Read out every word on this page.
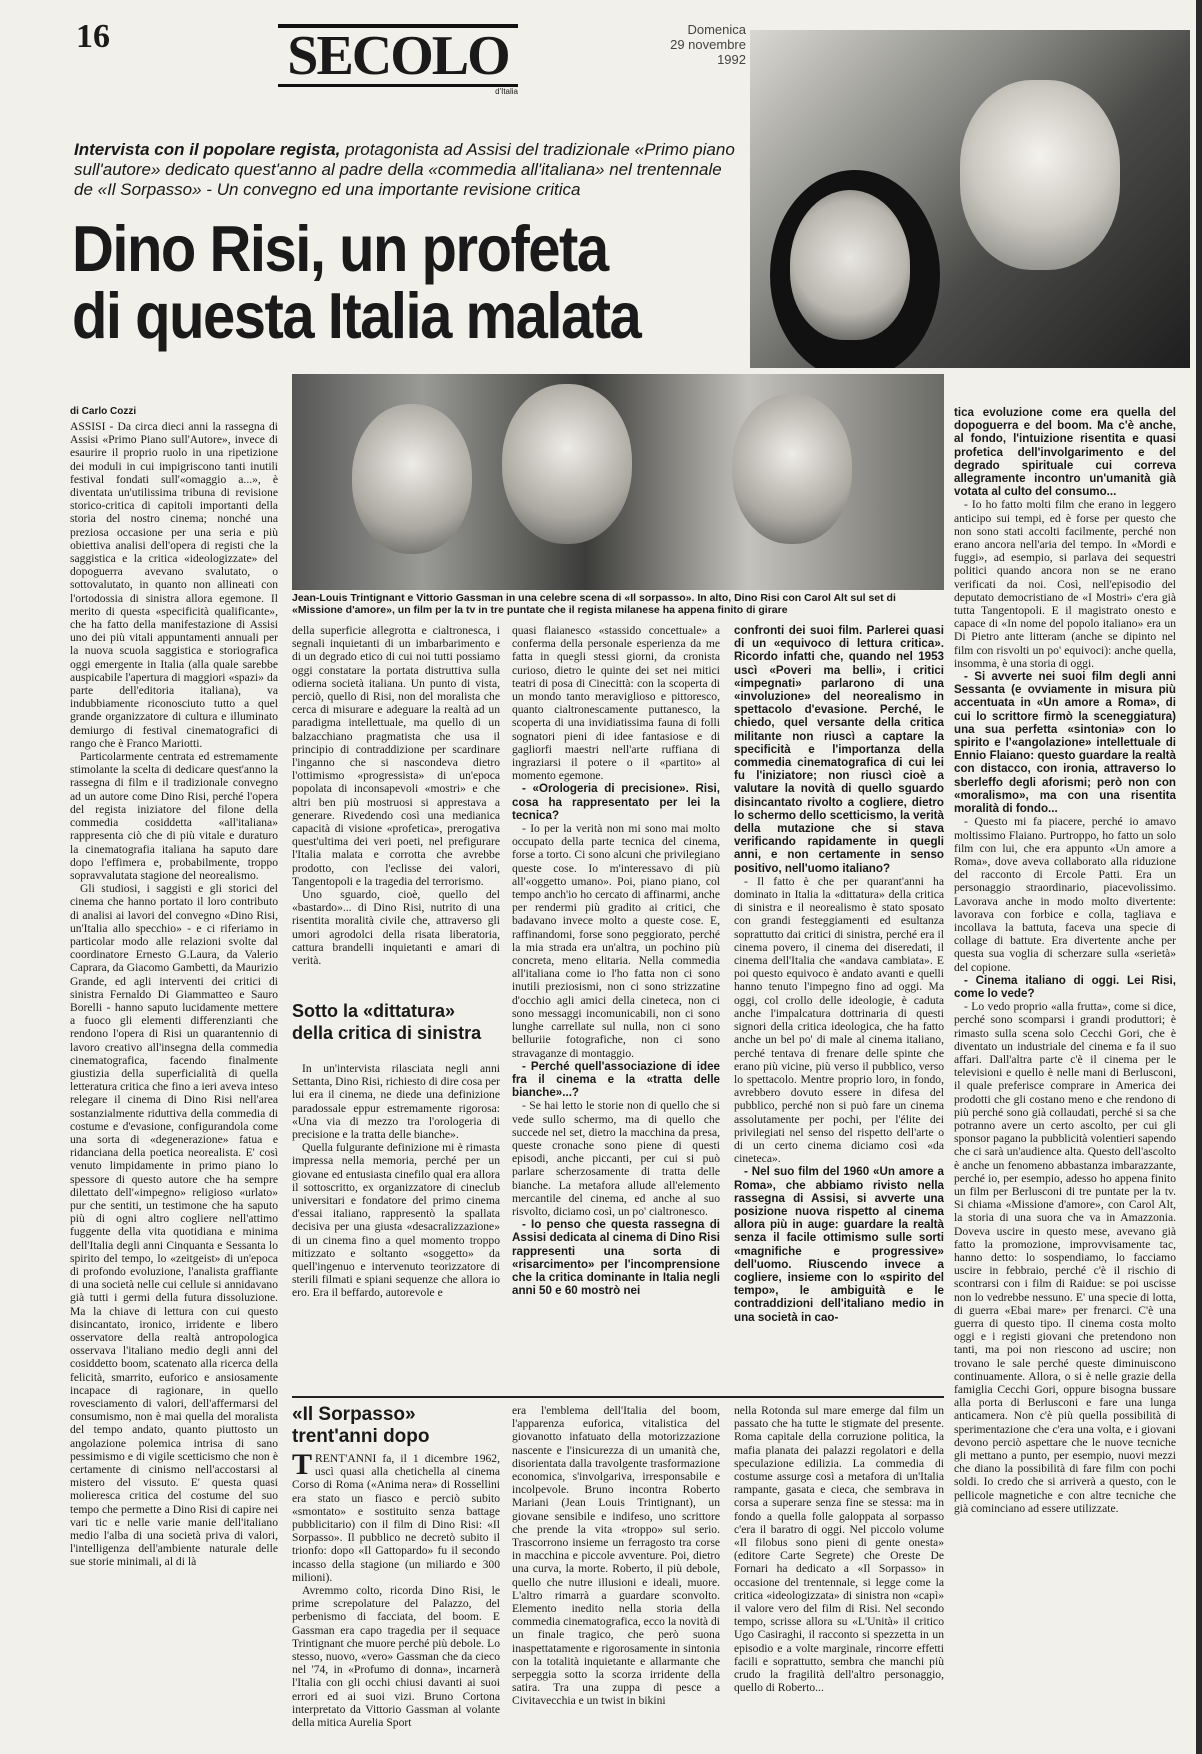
16	SECOLO
d'Italia
Domenica
29 novembre 1992
Intervista con il popolare regista, protagonista ad Assisi del tradizionale «Primo piano sull'autore» dedicato quest'anno al padre della «commedia all'italiana» nel trentennale de «Il Sorpasso» - Un convegno ed una importante revisione critica
Dino Risi, un profeta
di questa Italia malata
di Carlo Cozzi
Jean-Louis Trintignant e Vittorio Gassman in una celebre scena di «Il sorpasso». In alto, Dino Risi con Carol Alt sul set di «Missione d'amore», un film per la tv in tre puntate che il regista milanese ha appena finito di girare

ASSISI - Da circa dieci anni la rassegna di Assisi «Primo Piano sull'Autore», invece di esaurire il proprio ruolo in una ripetizione dei moduli in cui impigriscono tanti inutili festival fondati sull'«omaggio a...», è diventata un'utilissima tribuna di revisione storico-critica di capitoli importanti della storia del nostro cinema; nonché una preziosa occasione per una seria e più obiettiva analisi dell'opera di registi che la saggistica e la critica «ideologizzate» del dopoguerra avevano svalutato, o sottovalutato, in quanto non allineati con l'ortodossia di sinistra allora egemone. Il merito di questa «specificità qualificante», che ha fatto della manifestazione di Assisi uno dei più vitali appuntamenti annuali per la nuova scuola saggistica e storiografica oggi emergente in Italia (alla quale sarebbe auspicabile l'apertura di maggiori «spazi» da parte dell'editoria italiana), va indubbiamente riconosciuto tutto a quel grande organizzatore di cultura e illuminato demiurgo di festival cinematografici di rango che è Franco Mariotti.

Particolarmente centrata ed estremamente stimolante la scelta di dedicare quest'anno la rassegna di film e il tradizionale convegno ad un autore come Dino Risi, perché l'opera del regista iniziatore del filone della commedia cosiddetta «all'italiana» rappresenta ciò che di più vitale e duraturo la cinematografia italiana ha saputo dare dopo l'effimera e, probabilmente, troppo sopravvalutata stagione del neorealismo.

Gli studiosi, i saggisti e gli storici del cinema che hanno portato il loro contributo di analisi ai lavori del convegno «Dino Risi, un'Italia allo specchio» - e ci riferiamo in particolar modo alle relazioni svolte dal coordinatore Ernesto G.Laura, da Valerio Caprara, da Giacomo Gambetti, da Maurizio Grande, ed agli interventi dei critici di sinistra Fernaldo Di Giammatteo e Sauro Borelli - hanno saputo lucidamente mettere a fuoco gli elementi differenzianti che rendono l'opera di Risi un quarantennio di lavoro creativo all'insegna della commedia cinematografica, facendo finalmente giustizia della superficialità di quella letteratura critica che fino a ieri aveva inteso relegare il cinema di Dino Risi nell'area sostanzialmente riduttiva della commedia di costume e d'evasione, configurandola come una sorta di «degenerazione» fatua e ridanciana della poetica neorealista. E' così venuto limpidamente in primo piano lo spessore di questo autore che ha sempre dilettato dell'«impegno» religioso «urlato» pur che sentiti, un testimone che ha saputo più di ogni altro cogliere nell'attimo fuggente della vita quotidiana e minima dell'Italia degli anni Cinquanta e Sessanta lo spirito del tempo, lo «zeitgeist» di un'epoca di profondo evoluzione, l'analista graffiante di una società nelle cui cellule si annidavano già tutti i germi della futura dissoluzione. Ma la chiave di lettura con cui questo disincantato, ironico, irridente e libero osservatore della realtà antropologica osservava l'italiano medio degli anni del cosiddetto boom, scatenato alla ricerca della felicità, smarrito, euforico e ansiosamente incapace di ragionare, in quello rovesciamento di valori, dell'affermarsi del consumismo, non è mai quella del moralista del tempo andato, quanto piuttosto un angolazione polemica intrisa di sano pessimismo e di vigile scetticismo che non è certamente di cinismo nell'accostarsi al mistero del vissuto. E' questa quasi molieresca critica del costume del suo tempo che permette a Dino Risi di capire nei vari tic e nelle varie manie dell'italiano medio l'alba di una società priva di valori, l'intelligenza dell'ambiente naturale delle sue storie minimali, al di là

della superficie allegrotta e cialtronesca, i segnali inquietanti di un imbarbarimento e di un degrado etico di cui noi tutti possiamo oggi constatare la portata distruttiva sulla odierna società italiana. Un punto di vista, perciò, quello di Risi, non del moralista che cerca di misurare e adeguare la realtà ad un paradigma intellettuale, ma quello di un balzacchiano pragmatista che usa il principio di contraddizione per scardinare l'inganno che si nascondeva dietro l'ottimismo «progressista» di un'epoca popolata di inconsapevoli «mostri» e che altri ben più mostruosi si apprestava a generare. Rivedendo così una medianica capacità di visione «profetica», prerogativa quest'ultima dei veri poeti, nel prefigurare l'Italia malata e corrotta che avrebbe prodotto, con l'eclisse dei valori, Tangentopoli e la tragedia del terrorismo.

Uno sguardo, cioè, quello del «bastardo»... di Dino Risi, nutrito di una risentita moralità civile che, attraverso gli umori agrodolci della risata liberatoria, cattura brandelli inquietanti e amari di verità.

Sotto la «dittatura»
della critica di sinistra

In un'intervista rilasciata negli anni Settanta, Dino Risi, richiesto di dire cosa per lui era il cinema, ne diede una definizione paradossale eppur estremamente rigorosa: «Una via di mezzo tra l'orologeria di precisione e la tratta delle bianche».

Quella fulgurante definizione mi è rimasta impressa nella memoria, perché per un giovane ed entusiasta cinefilo qual era allora il sottoscritto, ex organizzatore di cineclub universitari e fondatore del primo cinema d'essai italiano, rappresentò la spallata decisiva per una giusta «desacralizzazione» di un cinema fino a quel momento troppo mitizzato e soltanto «soggetto» da quell'ingenuo e intervenuto teorizzatore di sterili filmati e spiani sequenze che allora io ero. Era il beffardo, autorevole e

quasi flaianesco «stassido concettuale» a conferma della personale esperienza da me fatta in quegli stessi giorni, da cronista curioso, dietro le quinte dei set nei mitici teatri di posa di Cinecittà: con la scoperta di un mondo tanto meraviglioso e pittoresco, quanto cialtronescamente puttanesco, la scoperta di una invidiatissima fauna di folli sognatori pieni di idee fantasiose e di gagliorfi maestri nell'arte ruffiana di ingraziarsi il potere o il «partito» al momento egemone.

- «Orologeria di precisione». Risi, cosa ha rappresentato per lei la tecnica?

- Io per la verità non mi sono mai molto occupato della parte tecnica del cinema, forse a torto. Ci sono alcuni che privilegiano queste cose. Io m'interessavo di più all'«oggetto umano». Poi, piano piano, col tempo anch'io ho cercato di affinarmi, anche per rendermi più gradito ai critici, che badavano invece molto a queste cose. E, raffinandomi, forse sono peggiorato, perché la mia strada era un'altra, un pochino più concreta, meno elitaria. Nella commedia all'italiana come io l'ho fatta non ci sono inutili preziosismi, non ci sono strizzatine d'occhio agli amici della cineteca, non ci sono messaggi incomunicabili, non ci sono lunghe carrellate sul nulla, non ci sono belluriie fotografiche, non ci sono stravaganze di montaggio.

- Perché quell'associazione di idee fra il cinema e la «tratta delle bianche»...?

- Se hai letto le storie non di quello che si vede sullo schermo, ma di quello che succede nel set, dietro la macchina da presa, queste cronache sono piene di questi episodi, anche piccanti, per cui si può parlare scherzosamente di tratta delle bianche. La metafora allude all'elemento mercantile del cinema, ed anche al suo risvolto, diciamo così, un po' cialtronesco.

- Io penso che questa rassegna di Assisi dedicata al cinema di Dino Risi rappresenti una sorta di «risarcimento» per l'incomprensione che la critica dominante in Italia negli anni 50 e 60 mostrò nei

confronti dei suoi film. Parlerei quasi di un «equivoco di lettura critica». Ricordo infatti che, quando nel 1953 uscì «Poveri ma belli», i critici «impegnati» parlarono di una «involuzione» del neorealismo in spettacolo d'evasione. Perché, le chiedo, quel versante della critica militante non riuscì a captare la specificità e l'importanza della commedia cinematografica di cui lei fu l'iniziatore; non riuscì cioè a valutare la novità di quello sguardo disincantato rivolto a cogliere, dietro lo schermo dello scetticismo, la verità della mutazione che si stava verificando rapidamente in quegli anni, e non certamente in senso positivo, nell'uomo italiano?

- Il fatto è che per quarant'anni ha dominato in Italia la «dittatura» della critica di sinistra e il neorealismo è stato sposato con grandi festeggiamenti ed esultanza soprattutto dai critici di sinistra, perché era il cinema povero, il cinema dei diseredati, il cinema dell'Italia che «andava cambiata». E poi questo equivoco è andato avanti e quelli hanno tenuto l'impegno fino ad oggi. Ma oggi, col crollo delle ideologie, è caduta anche l'impalcatura dottrinaria di questi signori della critica ideologica, che ha fatto anche un bel po' di male al cinema italiano, perché tentava di frenare delle spinte che erano più vicine, più verso il pubblico, verso lo spettacolo. Mentre proprio loro, in fondo, avrebbero dovuto essere in difesa del pubblico, perché non si può fare un cinema assolutamente per pochi, per l'élite dei privilegiati nel senso del rispetto dell'arte o di un certo cinema diciamo così «da cineteca».

- Nel suo film del 1960 «Un amore a Roma», che abbiamo rivisto nella rassegna di Assisi, si avverte una posizione nuova rispetto al cinema allora più in auge: guardare la realtà senza il facile ottimismo sulle sorti «magnifiche e progressive» dell'uomo. Riuscendo invece a cogliere, insieme con lo «spirito del tempo», le ambiguità e le contraddizioni dell'italiano medio in una società in cao-

tica evoluzione come era quella del dopoguerra e del boom. Ma c'è anche, al fondo, l'intuizione risentita e quasi profetica dell'involgarimento e del degrado spirituale cui correva allegramente incontro un'umanità già votata al culto del consumo...

- Io ho fatto molti film che erano in leggero anticipo sui tempi, ed è forse per questo che non sono stati accolti facilmente, perché non erano ancora nell'aria del tempo. In «Mordi e fuggi», ad esempio, si parlava dei sequestri politici quando ancora non se ne erano verificati da noi. Così, nell'episodio del deputato democristiano de «I Mostri» c'era già tutta Tangentopoli. E il magistrato onesto e capace di «In nome del popolo italiano» era un Di Pietro ante litteram (anche se dipinto nel film con risvolti un po' equivoci): anche quella, insomma, è una storia di oggi.

- Si avverte nei suoi film degli anni Sessanta (e ovviamente in misura più accentuata in «Un amore a Roma», di cui lo scrittore firmò la sceneggiatura) una sua perfetta «sintonia» con lo spirito e l'«angolazione» intellettuale di Ennio Flaiano: questo guardare la realtà con distacco, con ironia, attraverso lo sberleffo degli aforismi; però non con «moralismo», ma con una risentita moralità di fondo...

- Questo mi fa piacere, perché io amavo moltissimo Flaiano. Purtroppo, ho fatto un solo film con lui, che era appunto «Un amore a Roma», dove aveva collaborato alla riduzione del racconto di Ercole Patti. Era un personaggio straordinario, piacevolissimo. Lavorava anche in modo molto divertente: lavorava con forbice e colla, tagliava e incollava la battuta, faceva una specie di collage di battute. Era divertente anche per questa sua voglia di scherzare sulla «serietà» del copione.

- Cinema italiano di oggi. Lei Risi, come lo vede?

- Lo vedo proprio «alla frutta», come si dice, perché sono scomparsi i grandi produttori; è rimasto sulla scena solo Cecchi Gori, che è diventato un industriale del cinema e fa il suo affari. Dall'altra parte c'è il cinema per le televisioni e quello è nelle mani di Berlusconi, il quale preferisce comprare in America dei prodotti che gli costano meno e che rendono di più perché sono già collaudati, perché si sa che potranno avere un certo ascolto, per cui gli sponsor pagano la pubblicità volentieri sapendo che ci sarà un'audience alta. Questo dell'ascolto è anche un fenomeno abbastanza imbarazzante, perché io, per esempio, adesso ho appena finito un film per Berlusconi di tre puntate per la tv. Si chiama «Missione d'amore», con Carol Alt, la storia di una suora che va in Amazzonia. Doveva uscire in questo mese, avevano già fatto la promozione, improvvisamente tac, hanno detto: lo sospendiamo, lo facciamo uscire in febbraio, perché c'è il rischio di scontrarsi con i film di Raidue: se poi uscisse non lo vedrebbe nessuno. E' una specie di lotta, di guerra «Ebai mare» per frenarci. C'è una guerra di questo tipo. Il cinema costa molto oggi e i registi giovani che pretendono non tanti, ma poi non riescono ad uscire; non trovano le sale perché queste diminuiscono continuamente. Allora, o si è nelle grazie della famiglia Cecchi Gori, oppure bisogna bussare alla porta di Berlusconi e fare una lunga anticamera. Non c'è più quella possibilità di sperimentazione che c'era una volta, e i giovani devono perciò aspettare che le nuove tecniche gli mettano a punto, per esempio, nuovi mezzi che diano la possibilità di fare film con pochi soldi. Io credo che si arriverà a questo, con le pellicole magnetiche e con altre tecniche che già cominciano ad essere utilizzate.

«Il Sorpasso»
trent'anni dopo

TRENT'ANNI fa, il 1 dicembre 1962, uscì quasi alla chetichella al cinema Corso di Roma («Anima nera» di Rossellini era stato un fiasco e perciò subito «smontato» e sostituito senza battage pubblicitario) con il film di Dino Risi: «Il Sorpasso». Il pubblico ne decretò subito il trionfo: dopo «Il Gattopardo» fu il secondo incasso della stagione (un miliardo e 300 milioni).

Avremmo colto, ricorda Dino Risi, le prime screpolature del Palazzo, del perbenismo di facciata, del boom. E Gassman era capo tragedia per il sequace Trintignant che muore perché più debole. Lo stesso, nuovo, «vero» Gassman che da cieco nel '74, in «Profumo di donna», incarnerà l'Italia con gli occhi chiusi davanti ai suoi errori ed ai suoi vizi. Bruno Cortona interpretato da Vittorio Gassman al volante della mitica Aurelia Sport

era l'emblema dell'Italia del boom, l'apparenza euforica, vitalistica del giovanotto infatuato della motorizzazione nascente e l'insicurezza di un umanità che, disorientata dalla travolgente trasformazione economica, s'involgariva, irresponsabile e incolpevole. Bruno incontra Roberto Mariani (Jean Louis Trintignant), un giovane sensibile e indifeso, uno scrittore che prende la vita «troppo» sul serio. Trascorrono insieme un ferragosto tra corse in macchina e piccole avventure. Poi, dietro una curva, la morte. Roberto, il più debole, quello che nutre illusioni e ideali, muore. L'altro rimarrà a guardare sconvolto. Elemento inedito nella storia della commedia cinematografica, ecco la novità di un finale tragico, che però suona inaspettatamente e rigorosamente in sintonia con la totalità inquietante e allarmante che serpeggia sotto la scorza irridente della satira. Tra una zuppa di pesce a Civitavecchia e un twist in bikini

nella Rotonda sul mare emerge dal film un passato che ha tutte le stigmate del presente. Roma capitale della corruzione politica, la mafia planata dei palazzi regolatori e della speculazione edilizia. La commedia di costume assurge così a metafora di un'Italia rampante, gasata e cieca, che sembrava in corsa a superare senza fine se stessa: ma in fondo a quella folle galoppata al sorpasso c'era il baratro di oggi. Nel piccolo volume «Il filobus sono pieni di gente onesta» (editore Carte Segrete) che Oreste De Fornari ha dedicato a «Il Sorpasso» in occasione del trentennale, si legge come la critica «ideologizzata» di sinistra non «capì» il valore vero del film di Risi. Nel secondo tempo, scrisse allora su «L'Unità» il critico Ugo Casiraghi, il racconto si spezzetta in un episodio e a volte marginale, rincorre effetti facili e soprattutto, sembra che manchi più crudo la fragilità dell'altro personaggio, quello di Roberto...
